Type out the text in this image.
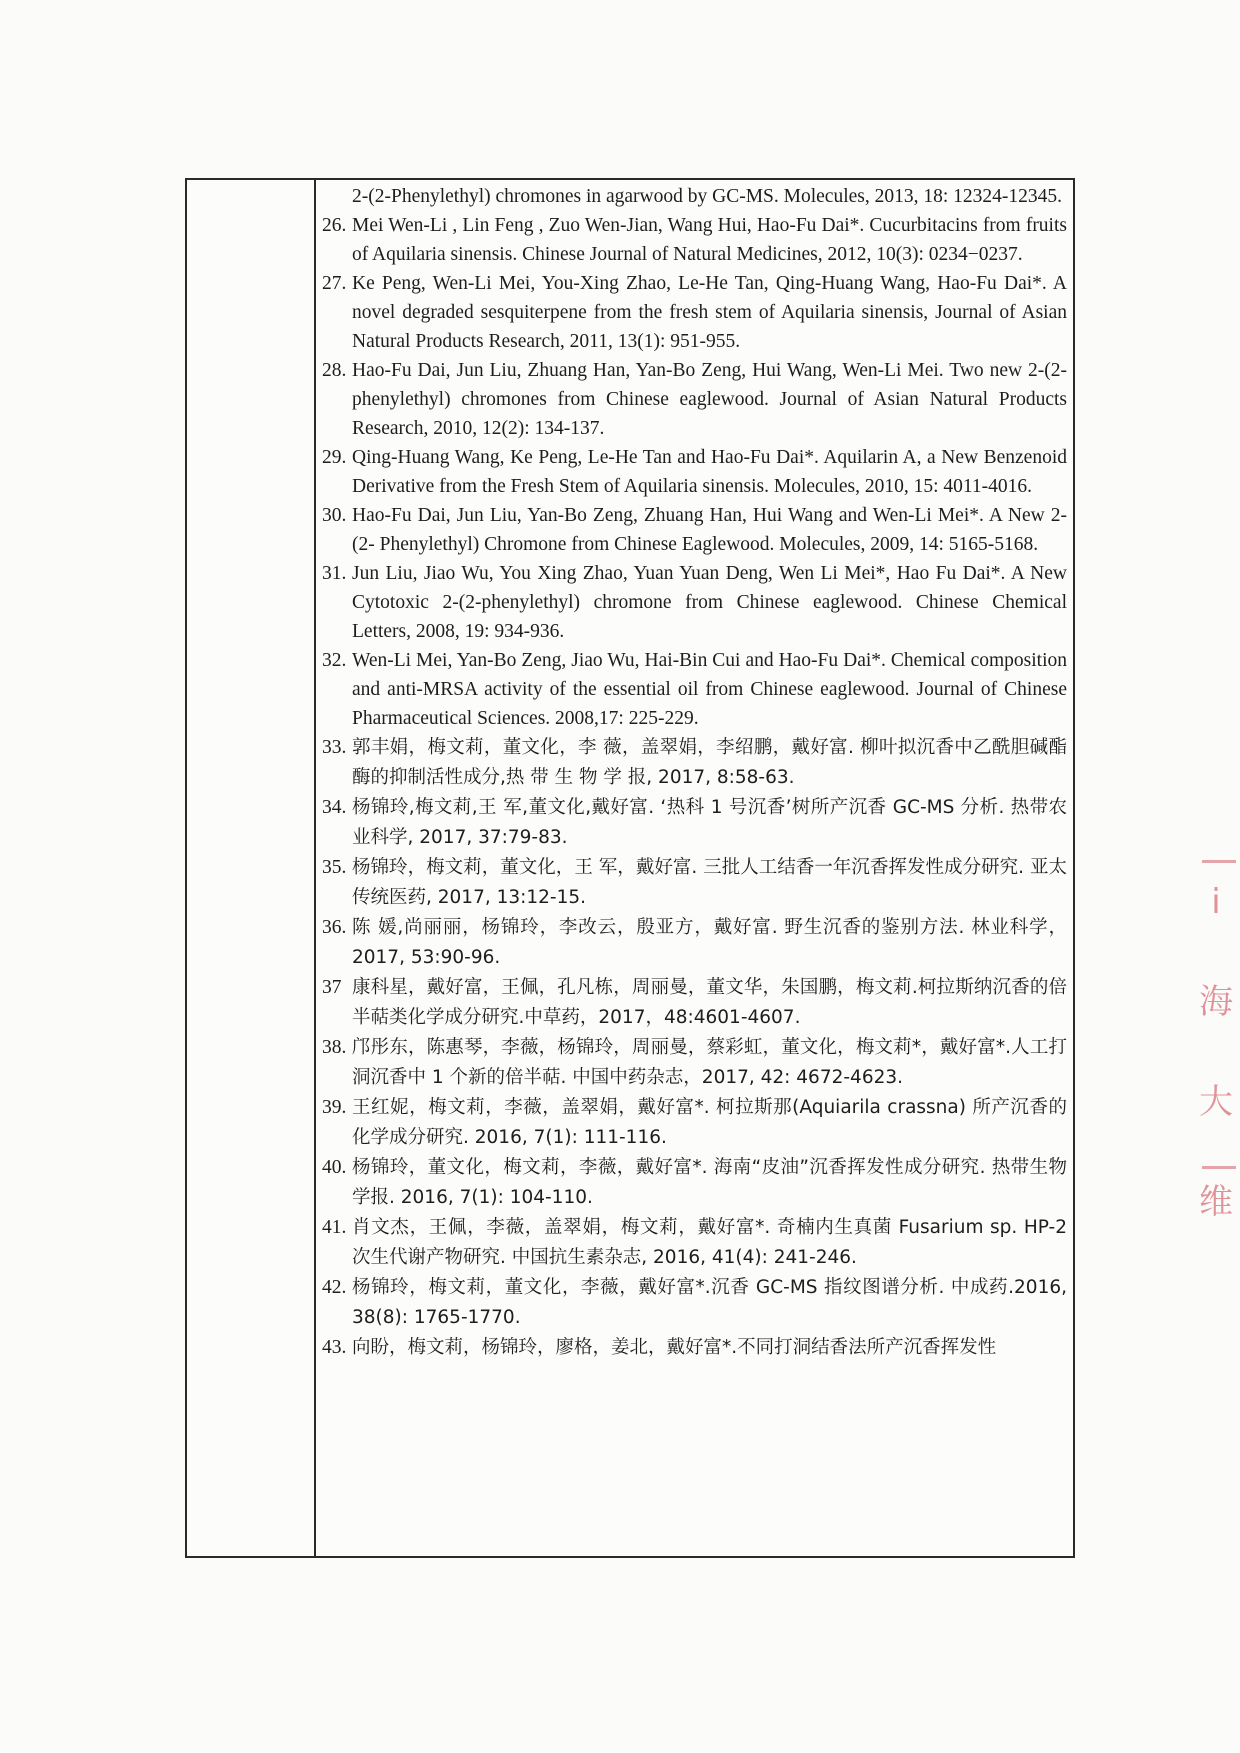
2-(2-Phenylethyl) chromones in agarwood by GC-MS. Molecules, 2013, 18: 12324-12345.

26. Mei Wen-Li , Lin Feng , Zuo Wen-Jian, Wang Hui, Hao-Fu Dai*. Cucurbitacins from fruits of Aquilaria sinensis. Chinese Journal of Natural Medicines, 2012, 10(3): 0234−0237.

27. Ke Peng, Wen-Li Mei, You-Xing Zhao, Le-He Tan, Qing-Huang Wang, Hao-Fu Dai*. A novel degraded sesquiterpene from the fresh stem of Aquilaria sinensis, Journal of Asian Natural Products Research, 2011, 13(1): 951-955.

28. Hao-Fu Dai, Jun Liu, Zhuang Han, Yan-Bo Zeng, Hui Wang, Wen-Li Mei. Two new 2-(2- phenylethyl) chromones from Chinese eaglewood. Journal of Asian Natural Products Research, 2010, 12(2): 134-137.

29. Qing-Huang Wang, Ke Peng, Le-He Tan and Hao-Fu Dai*. Aquilarin A, a New Benzenoid Derivative from the Fresh Stem of Aquilaria sinensis. Molecules, 2010, 15: 4011-4016.

30. Hao-Fu Dai, Jun Liu, Yan-Bo Zeng, Zhuang Han, Hui Wang and Wen-Li Mei*. A New 2-(2- Phenylethyl) Chromone from Chinese Eaglewood. Molecules, 2009, 14: 5165-5168.

31. Jun Liu, Jiao Wu, You Xing Zhao, Yuan Yuan Deng, Wen Li Mei*, Hao Fu Dai*. A New Cytotoxic 2-(2-phenylethyl) chromone from Chinese eaglewood. Chinese Chemical Letters, 2008, 19: 934-936.

32. Wen-Li Mei, Yan-Bo Zeng, Jiao Wu, Hai-Bin Cui and Hao-Fu Dai*. Chemical composition and anti-MRSA activity of the essential oil from Chinese eaglewood. Journal of Chinese Pharmaceutical Sciences. 2008,17: 225-229.

33. 郭丰娟，梅文莉，董文化，李 薇，盖翠娟，李绍鹏，戴好富. 柳叶拟沉香中乙酰胆碱酯酶的抑制活性成分,热 带 生 物 学 报, 2017, 8:58-63.

34. 杨锦玲,梅文莉,王 军,董文化,戴好富. ‘热科 1 号沉香’树所产沉香 GC-MS 分析. 热带农业科学, 2017, 37:79-83.

35. 杨锦玲，梅文莉，董文化，王 军，戴好富. 三批人工结香一年沉香挥发性成分研究. 亚太传统医药, 2017, 13:12-15.

36. 陈 媛,尚丽丽，杨锦玲，李改云，殷亚方，戴好富. 野生沉香的鉴别方法. 林业科学，2017, 53:90-96.

37 康科星，戴好富，王佩，孔凡栋，周丽曼，董文华，朱国鹏，梅文莉.柯拉斯纳沉香的倍半萜类化学成分研究.中草药，2017，48:4601-4607.

38. 邝彤东，陈惠琴，李薇，杨锦玲，周丽曼，蔡彩虹，董文化，梅文莉*，戴好富*.人工打洞沉香中 1 个新的倍半萜. 中国中药杂志，2017, 42: 4672-4623.

39. 王红妮，梅文莉，李薇，盖翠娟，戴好富*. 柯拉斯那(Aquiarila crassna) 所产沉香的化学成分研究. 2016, 7(1): 111-116.

40. 杨锦玲，董文化，梅文莉，李薇，戴好富*. 海南“皮油”沉香挥发性成分研究. 热带生物学报. 2016, 7(1): 104-110.

41. 肖文杰，王佩，李薇，盖翠娟，梅文莉，戴好富*. 奇楠内生真菌 Fusarium sp. HP-2 次生代谢产物研究. 中国抗生素杂志, 2016, 41(4): 241-246.

42. 杨锦玲，梅文莉，董文化，李薇，戴好富*.沉香 GC-MS 指纹图谱分析. 中成药.2016, 38(8): 1765-1770.

43. 向盼，梅文莉，杨锦玲，廖格，姜北，戴好富*.不同打洞结香法所产沉香挥发性

ⅰ 海 大 维
